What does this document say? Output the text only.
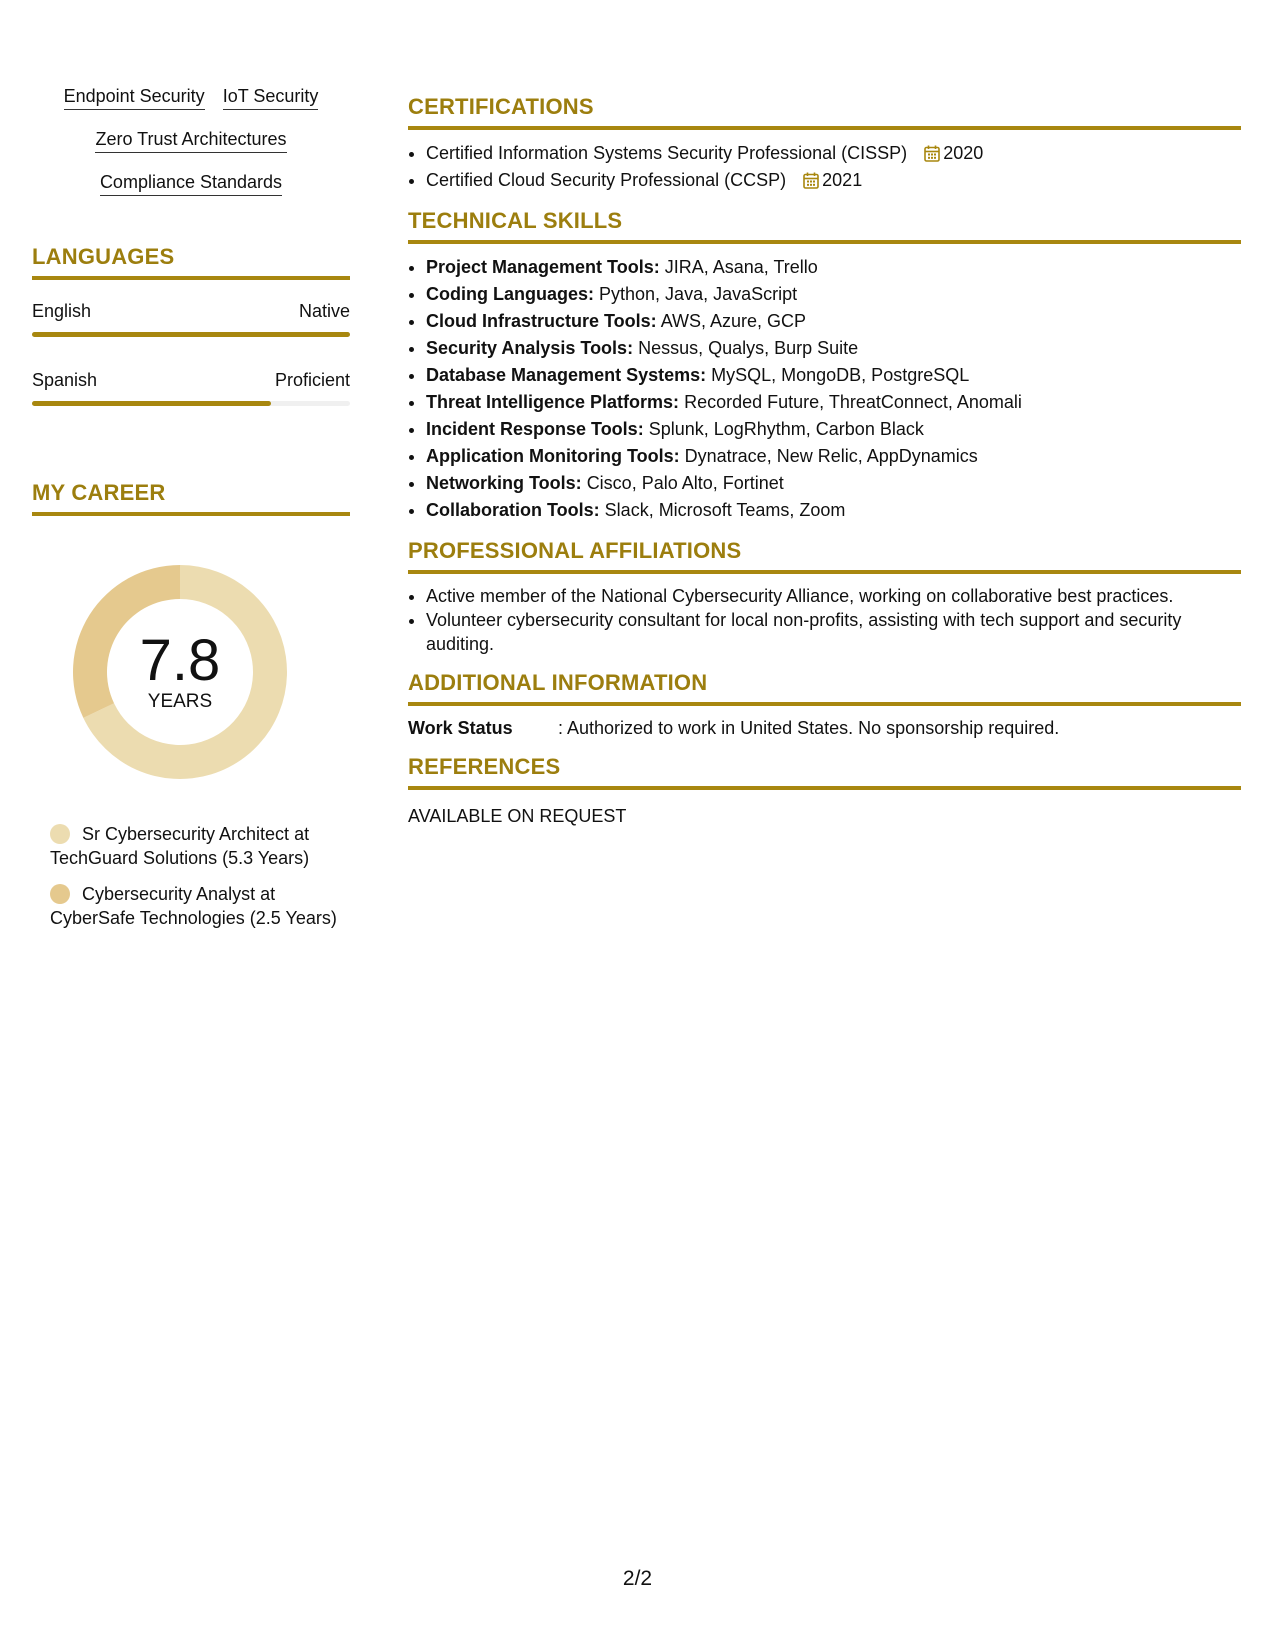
Endpoint Security IoT Security
Zero Trust Architectures
Compliance Standards
LANGUAGES
English	Native
Spanish	Proficient
MY CAREER
7.8
YEARS
Sr Cybersecurity Architect at TechGuard Solutions (5.3 Years)
Cybersecurity Analyst at CyberSafe Technologies (2.5 Years)
CERTIFICATIONS
• Certified Information Systems Security Professional (CISSP) 2020
• Certified Cloud Security Professional (CCSP) 2021
TECHNICAL SKILLS
• Project Management Tools: JIRA, Asana, Trello
• Coding Languages: Python, Java, JavaScript
• Cloud Infrastructure Tools: AWS, Azure, GCP
• Security Analysis Tools: Nessus, Qualys, Burp Suite
• Database Management Systems: MySQL, MongoDB, PostgreSQL
• Threat Intelligence Platforms: Recorded Future, ThreatConnect, Anomali
• Incident Response Tools: Splunk, LogRhythm, Carbon Black
• Application Monitoring Tools: Dynatrace, New Relic, AppDynamics
• Networking Tools: Cisco, Palo Alto, Fortinet
• Collaboration Tools: Slack, Microsoft Teams, Zoom
PROFESSIONAL AFFILIATIONS
• Active member of the National Cybersecurity Alliance, working on collaborative best practices.
• Volunteer cybersecurity consultant for local non-profits, assisting with tech support and security auditing.
ADDITIONAL INFORMATION
Work Status	: Authorized to work in United States. No sponsorship required.
REFERENCES
AVAILABLE ON REQUEST
2/2
